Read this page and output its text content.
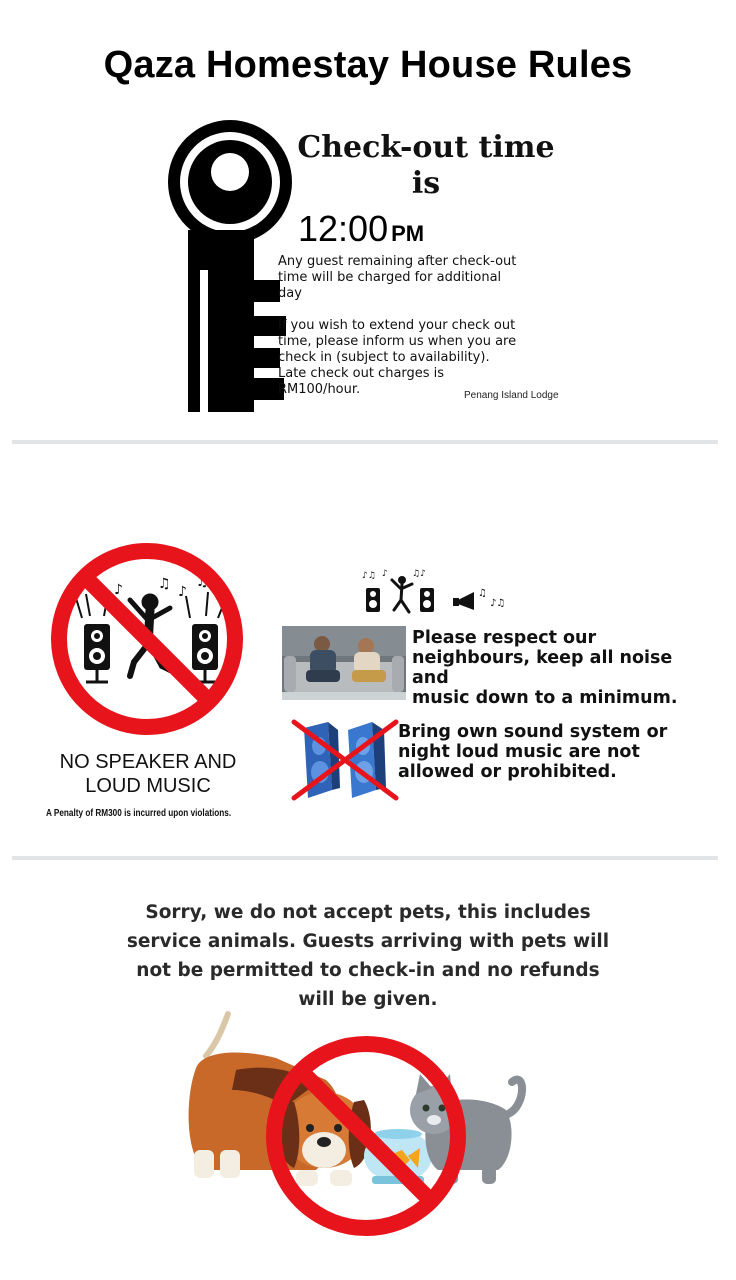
Qaza Homestay House Rules
Check-out time
is
12:00 PM
Any guest remaining after check-out
time will be charged for additional
day
If you wish to extend your check out
time, please inform us when you are
check in (subject to availability).
Late check out charges is
RM100/hour.	Penang Island Lodge
♪	♫ ♪
♫
NO SPEAKER AND
LOUD MUSIC
A Penalty of RM300 is incurred upon violations.
♪♫ ♪	♫♪
♫
♪♫
Please respect our
neighbours, keep all noise and
music down to a minimum.
Bring own sound system or
night loud music are not
allowed or prohibited.
Sorry, we do not accept pets, this includes
service animals. Guests arriving with pets will
not be permitted to check-in and no refunds
will be given.
